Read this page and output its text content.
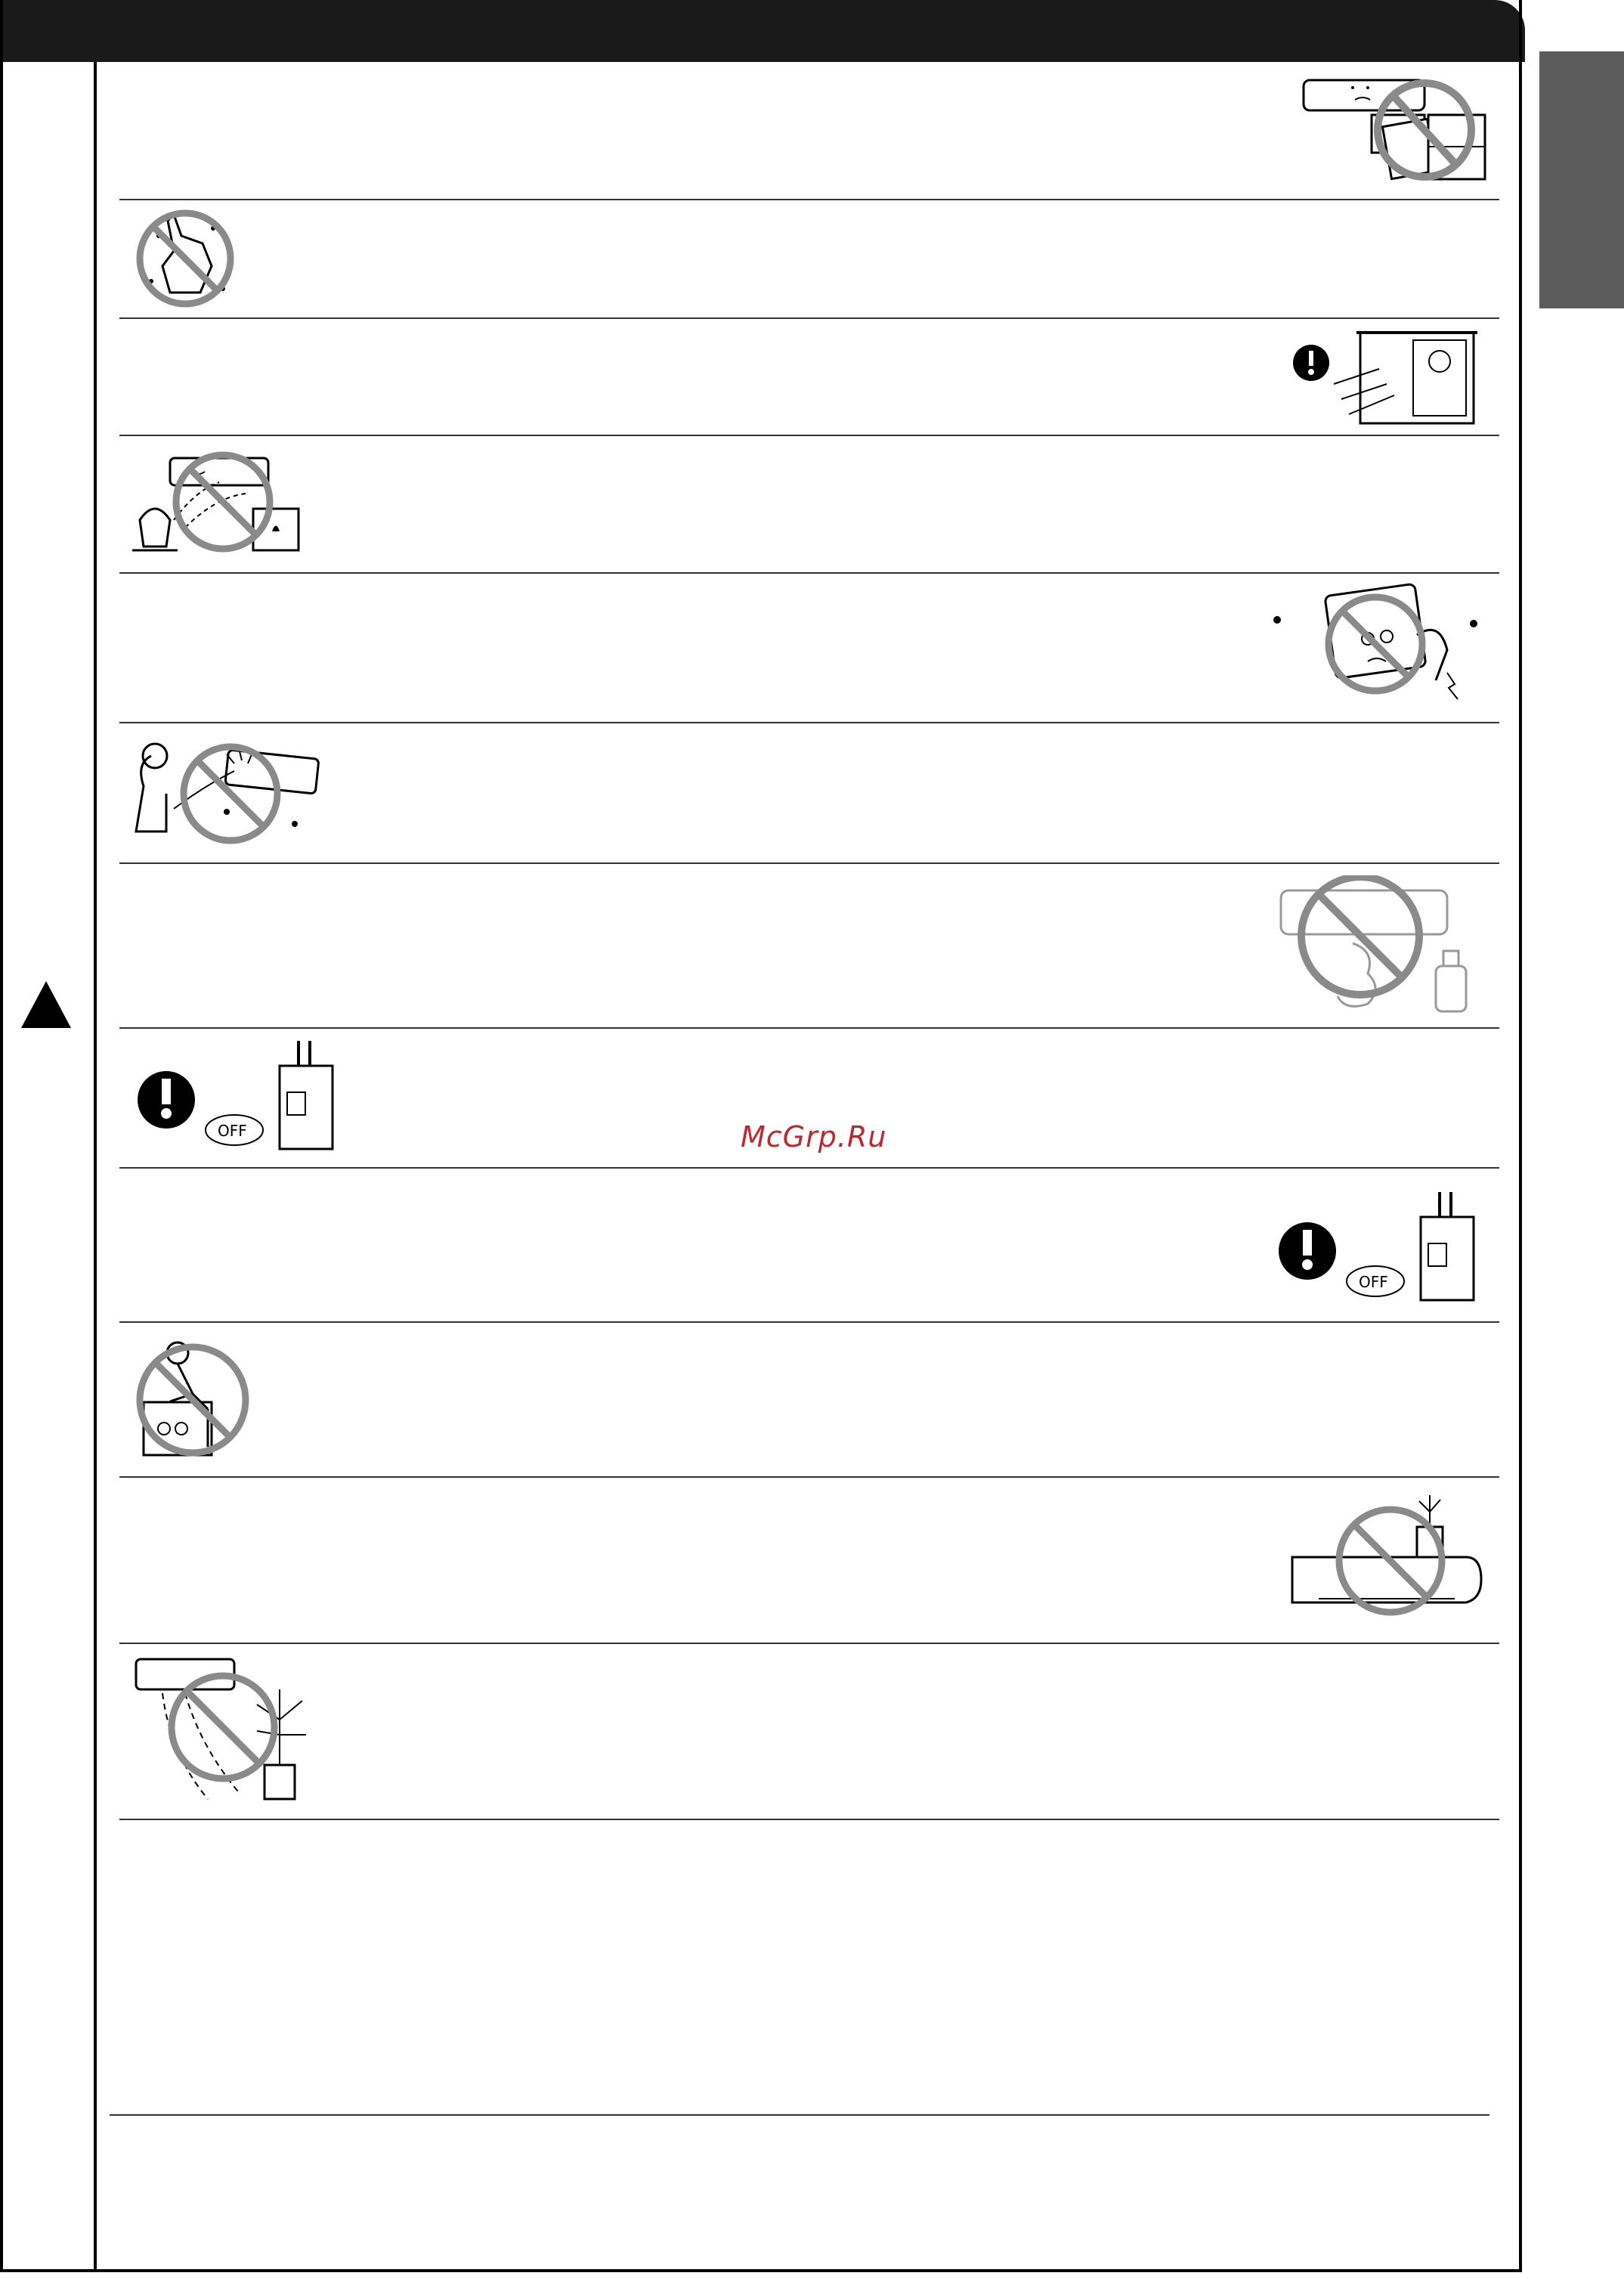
OFF
OFF
McGrp.Ru
